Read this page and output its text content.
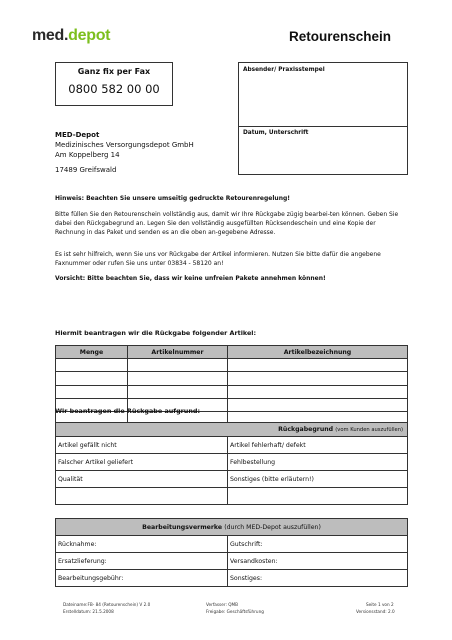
med.depot	Retourenschein
Ganz fix per Fax
0800 582 00 00
Absender/ Praxisstempel
Datum, Unterschrift
MED-Depot
Medizinisches Versorgungsdepot GmbH
Am Koppelberg 14
17489 Greifswald
Hinweis: Beachten Sie unsere umseitig gedruckte Retourenregelung!
Bitte füllen Sie den Retourenschein vollständig aus, damit wir Ihre Rückgabe zügig bearbei-ten können. Geben Sie dabei den Rückgabegrund an. Legen Sie den vollständig ausgefüllten Rücksendeschein und eine Kopie der Rechnung in das Paket und senden es an die oben an-gegebene Adresse.
Es ist sehr hilfreich, wenn Sie uns vor Rückgabe der Artikel informieren. Nutzen Sie bitte dafür die angebene Faxnummer oder rufen Sie uns unter 03834 - 58120 an!
Vorsicht: Bitte beachten Sie, dass wir keine unfreien Pakete annehmen können!
Hiermit beantragen wir die Rückgabe folgender Artikel:
Menge	Artikelnummer	Artikelbezeichnung

Wir beantragen die Rückgabe aufgrund:
Rückgabegrund (vom Kunden auszufüllen)	
Artikel gefällt nicht	Artikel fehlerhaft/ defekt
Falscher Artikel geliefert	Fehlbestellung
Qualität	Sonstiges (bitte erläutern!)

Bearbeitungsvermerke (durch MED-Depot auszufüllen)	
Rücknahme:	Gutschrift:
Ersatzlieferung:	Versandkosten:
Bearbeitungsgebühr:	Sonstiges:
Dateiname:FB- 84 (Retourenschein) V 2.0
Erstelldatum: 21.5.2008
Verfasser: QMB
Freigabe: Geschäftsführung
Seite 1 von 2
Versionsstand: 2.0
